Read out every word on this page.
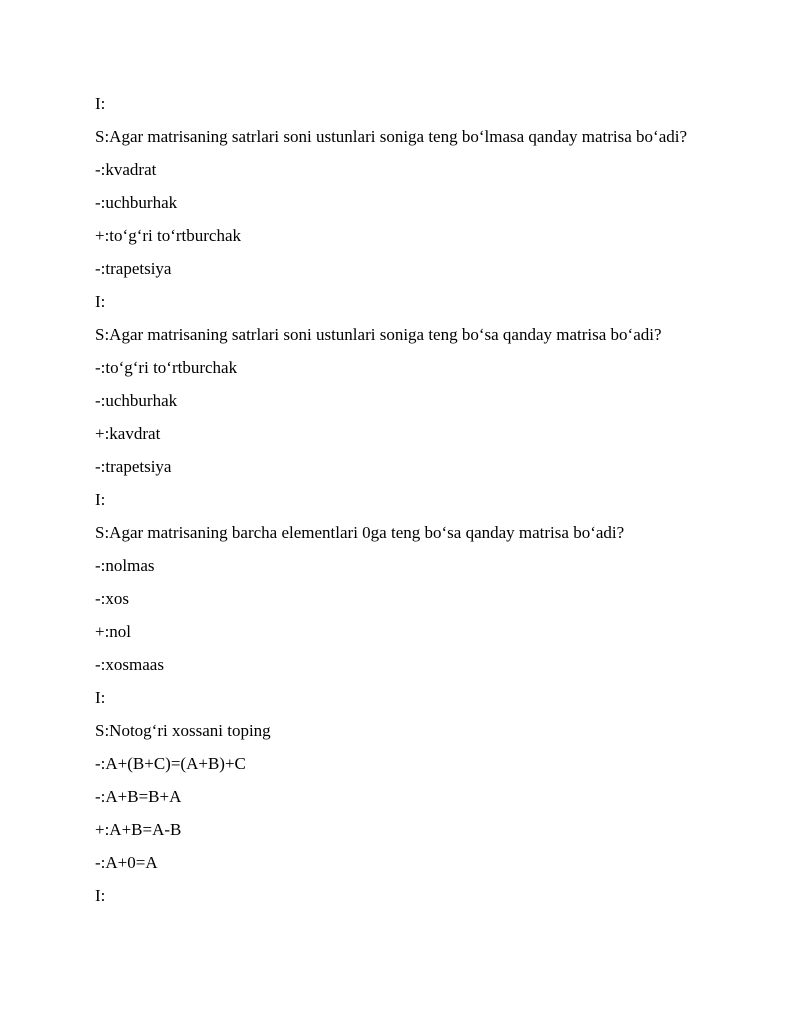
I:

S:Agar matrisaning satrlari soni ustunlari soniga teng bo‘lmasa qanday matrisa bo‘adi?

-:kvadrat

-:uchburhak

+:to‘g‘ri to‘rtburchak

-:trapetsiya

I:

S:Agar matrisaning satrlari soni ustunlari soniga teng bo‘sa qanday matrisa bo‘adi?

-:to‘g‘ri to‘rtburchak

-:uchburhak

+:kavdrat

-:trapetsiya

I:

S:Agar matrisaning barcha elementlari 0ga teng bo‘sa qanday matrisa bo‘adi?

-:nolmas

-:xos

+:nol

-:xosmaas

I:

S:Notog‘ri xossani toping

-:A+(B+C)=(A+B)+C

-:A+B=B+A

+:A+B=A-B

-:A+0=A

I:
